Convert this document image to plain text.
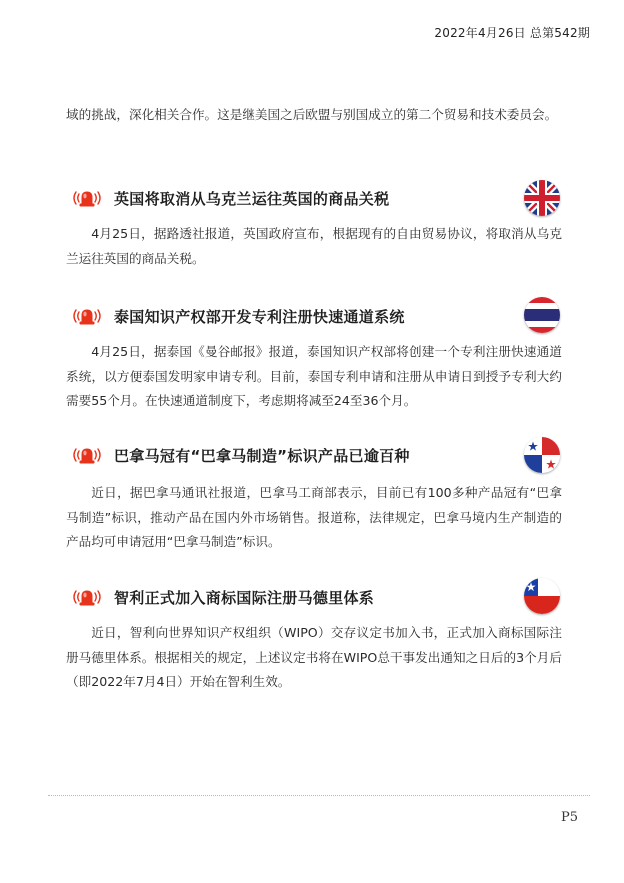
2022年4月26日 总第542期

域的挑战，深化相关合作。这是继美国之后欧盟与别国成立的第二个贸易和技术委员会。

英国将取消从乌克兰运往英国的商品关税

4月25日，据路透社报道，英国政府宣布，根据现有的自由贸易协议，将取消从乌克兰运往英国的商品关税。

泰国知识产权部开发专利注册快速通道系统

4月25日，据泰国《曼谷邮报》报道，泰国知识产权部将创建一个专利注册快速通道系统，以方便泰国发明家申请专利。目前，泰国专利申请和注册从申请日到授予专利大约需要55个月。在快速通道制度下，考虑期将减至24至36个月。

巴拿马冠有“巴拿马制造”标识产品已逾百种

近日，据巴拿马通讯社报道，巴拿马工商部表示，目前已有100多种产品冠有“巴拿马制造”标识，推动产品在国内外市场销售。报道称，法律规定，巴拿马境内生产制造的产品均可申请冠用“巴拿马制造”标识。

智利正式加入商标国际注册马德里体系

近日，智利向世界知识产权组织（WIPO）交存议定书加入书，正式加入商标国际注册马德里体系。根据相关的规定，上述议定书将在WIPO总干事发出通知之日后的3个月后（即2022年7月4日）开始在智利生效。

P5
